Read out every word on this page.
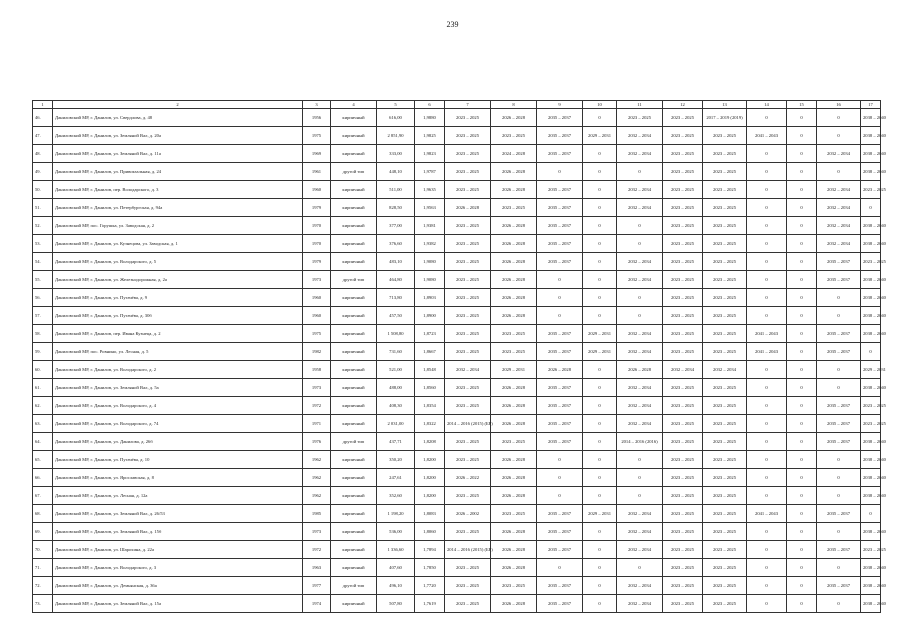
239
1	2	3	4	5	6	7	8	9	10	11	12	13	14	15	16	17
46.	Даниловский МР, г. Данилов, ул. Свердлова, д. 48	1956	кирпичный	616,00	1,9880	2023 – 2025	2026 – 2028	2035 – 2037	0	2023 – 2025	2023 – 2025	2017 – 2019 (2019)	0	0	0	2038 – 2040
47.	Даниловский МР, г. Данилов, ул. Земляной Вал, д. 20а	1975	кирпичный	2 851,90	1,9825	2023 – 2025	2023 – 2025	2035 – 2037	2029 – 2031	2032 – 2034	2023 – 2025	2023 – 2025	2041 – 2043	0	0	2038 – 2040
48.	Даниловский МР, г. Данилов, ул. Земляной Вал, д. 11а	1969	кирпичный	333,00	1,9823	2023 – 2025	2024 – 2028	2035 – 2037	0	2032 – 2034	2023 – 2025	2023 – 2025	0	0	2032 – 2034	2038 – 2040
49.	Даниловский МР, г. Данилов, ул. Привокзальная, д. 24	1961	другой тип	448,10	1,9787	2023 – 2025	2026 – 2028	0	0	0	2023 – 2025	2023 – 2025	0	0	0	2038 – 2040
50.	Даниловский МР, г. Данилов, пер. Володарского, д. 3	1960	кирпичный	511,00	1,9635	2023 – 2025	2026 – 2028	2035 – 2037	0	2032 – 2034	2023 – 2025	2023 – 2025	0	0	2032 – 2034	2023 – 2025
51.	Даниловский МР, г. Данилов, ул. Петербургская, д. 94а	1979	кирпичный	828,50	1,9563	2026 – 2028	2023 – 2025	2035 – 2037	0	2032 – 2034	2023 – 2025	2023 – 2025	0	0	2032 – 2034	0
52.	Даниловский МР, пос. Горушка, ул. Заводская, д. 2	1970	кирпичный	377,00	1,9381	2023 – 2025	2026 – 2028	2035 – 2037	0	0	2023 – 2025	2023 – 2025	0	0	2032 – 2034	2038 – 2040
53.	Даниловский МР, г. Данилов, ул. Кузнецова, ул. Заводская, д. 1	1970	кирпичный	376,60	1,9382	2023 – 2025	2026 – 2028	2035 – 2037	0	0	2023 – 2025	2023 – 2025	0	0	2032 – 2034	2038 – 2040
54.	Даниловский МР, г. Данилов, ул. Володарского, д. 5	1979	кирпичный	483,10	1,9080	2023 – 2025	2026 – 2028	2035 – 2037	0	2032 – 2034	2023 – 2025	2023 – 2025	0	0	2035 – 2037	2023 – 2025
55.	Даниловский МР, г. Данилов, ул. Железнодорожная, д. 2а	1973	другой тип	464,80	1,9080	2023 – 2025	2026 – 2028	0	0	2032 – 2034	2023 – 2025	2023 – 2025	0	0	2035 – 2037	2038 – 2040
56.	Даниловский МР, г. Данилов, ул. Пугачёва, д. 9	1960	кирпичный	713,80	1,8903	2023 – 2025	2026 – 2028	0	0	0	2023 – 2025	2023 – 2025	0	0	0	2038 – 2040
57.	Даниловский МР, г. Данилов, ул. Пугачёва, д. 30б	1960	кирпичный	457,50	1,8900	2023 – 2025	2026 – 2028	0	0	0	2023 – 2025	2023 – 2025	0	0	0	2038 – 2040
58.	Даниловский МР, г. Данилов, пер. Ивана Кузнеца, д. 2	1975	кирпичный	1 508,80	1,8723	2023 – 2025	2023 – 2025	2035 – 2037	2029 – 2031	2032 – 2034	2023 – 2025	2023 – 2025	2041 – 2043	0	2035 – 2037	2038 – 2040
59.	Даниловский МР, пос. Ровнино, ул. Лесная, д. 5	1982	кирпичный	731,60	1,8667	2023 – 2025	2023 – 2025	2035 – 2037	2029 – 2031	2032 – 2034	2023 – 2025	2023 – 2025	2041 – 2043	0	2035 – 2037	0
60.	Даниловский МР, г. Данилов, ул. Володарского, д. 2	1958	кирпичный	521,00	1,8548	2032 – 2034	2029 – 2031	2026 – 2028	0	2026 – 2028	2032 – 2034	2032 – 2034	0	0	0	2029 – 2031
61.	Даниловский МР, г. Данилов, ул. Земляной Вал, д. 5а	1973	кирпичный	488,00	1,8560	2023 – 2025	2026 – 2028	2035 – 2037	0	2032 – 2034	2023 – 2025	2023 – 2025	0	0	0	2038 – 2040
62.	Даниловский МР, г. Данилов, ул. Володарского, д. 4	1972	кирпичный	408,30	1,8354	2023 – 2025	2026 – 2028	2035 – 2037	0	2032 – 2034	2023 – 2025	2023 – 2025	0	0	2035 – 2037	2023 – 2025
63.	Даниловский МР, г. Данилов, ул. Володарского, д. 74	1971	кирпичный	2 031,00	1,8322	2014 – 2016 (2015) (БР)	2026 – 2028	2035 – 2037	0	2032 – 2034	2023 – 2025	2023 – 2025	0	0	2035 – 2037	2023 – 2025
64.	Даниловский МР, г. Данилов, ул. Данилова, д. 26б	1976	другой тип	437,71	1,8208	2023 – 2025	2023 – 2025	2035 – 2037	0	2014 – 2016 (2016)	2023 – 2025	2023 – 2025	0	0	2035 – 2037	2038 – 2040
65.	Даниловский МР, г. Данилов, ул. Пугачёва, д. 10	1962	кирпичный	350,20	1,8200	2023 – 2025	2026 – 2028	0	0	0	2023 – 2025	2023 – 2025	0	0	0	2038 – 2040
66.	Даниловский МР, г. Данилов, ул. Ярославская, д. 8	1962	кирпичный	247,61	1,8200	2026 – 2022	2026 – 2028	0	0	0	2023 – 2025	2023 – 2025	0	0	0	2038 – 2040
67.	Даниловский МР, г. Данилов, ул. Лесная, д. 12а	1962	кирпичный	352,60	1,8200	2023 – 2025	2026 – 2028	0	0	0	2023 – 2025	2023 – 2025	0	0	0	2038 – 2040
68.	Даниловский МР, г. Данилов, ул. Земляной Вал, д. 26/53	1985	кирпичный	1 198,20	1,8083	2026 – 2002	2023 – 2025	2035 – 2037	2029 – 2031	2032 – 2034	2023 – 2025	2023 – 2025	2041 – 2043	0	2035 – 2037	0
69.	Даниловский МР, г. Данилов, ул. Земляной Вал, д. 15б	1973	кирпичный	536,00	1,8060	2023 – 2025	2026 – 2028	2035 – 2037	0	2032 – 2034	2023 – 2025	2023 – 2025	0	0	0	2038 – 2040
70.	Даниловский МР, г. Данилов, ул. Шарохина, д. 22а	1972	кирпичный	1 336,60	1,7894	2014 – 2016 (2015) (БР)	2026 – 2028	2035 – 2037	0	2032 – 2034	2023 – 2025	2023 – 2025	0	0	2035 – 2037	2023 – 2025
71.	Даниловский МР, г. Данилов, ул. Володарского, д. 3	1963	кирпичный	407,60	1,7850	2023 – 2025	2026 – 2028	0	0	0	2023 – 2025	2023 – 2025	0	0	0	2038 – 2040
72.	Даниловский МР, г. Данилов, ул. Демьянская, д. 36а	1977	другой тип	496,10	1,7720	2023 – 2025	2023 – 2025	2035 – 2037	0	2032 – 2034	2023 – 2025	2023 – 2025	0	0	2035 – 2037	2038 – 2040
73.	Даниловский МР, г. Данилов, ул. Земляной Вал, д. 15а	1974	кирпичный	507,80	1,7619	2023 – 2025	2026 – 2028	2035 – 2037	0	2032 – 2034	2023 – 2025	2023 – 2025	0	0	0	2038 – 2040
